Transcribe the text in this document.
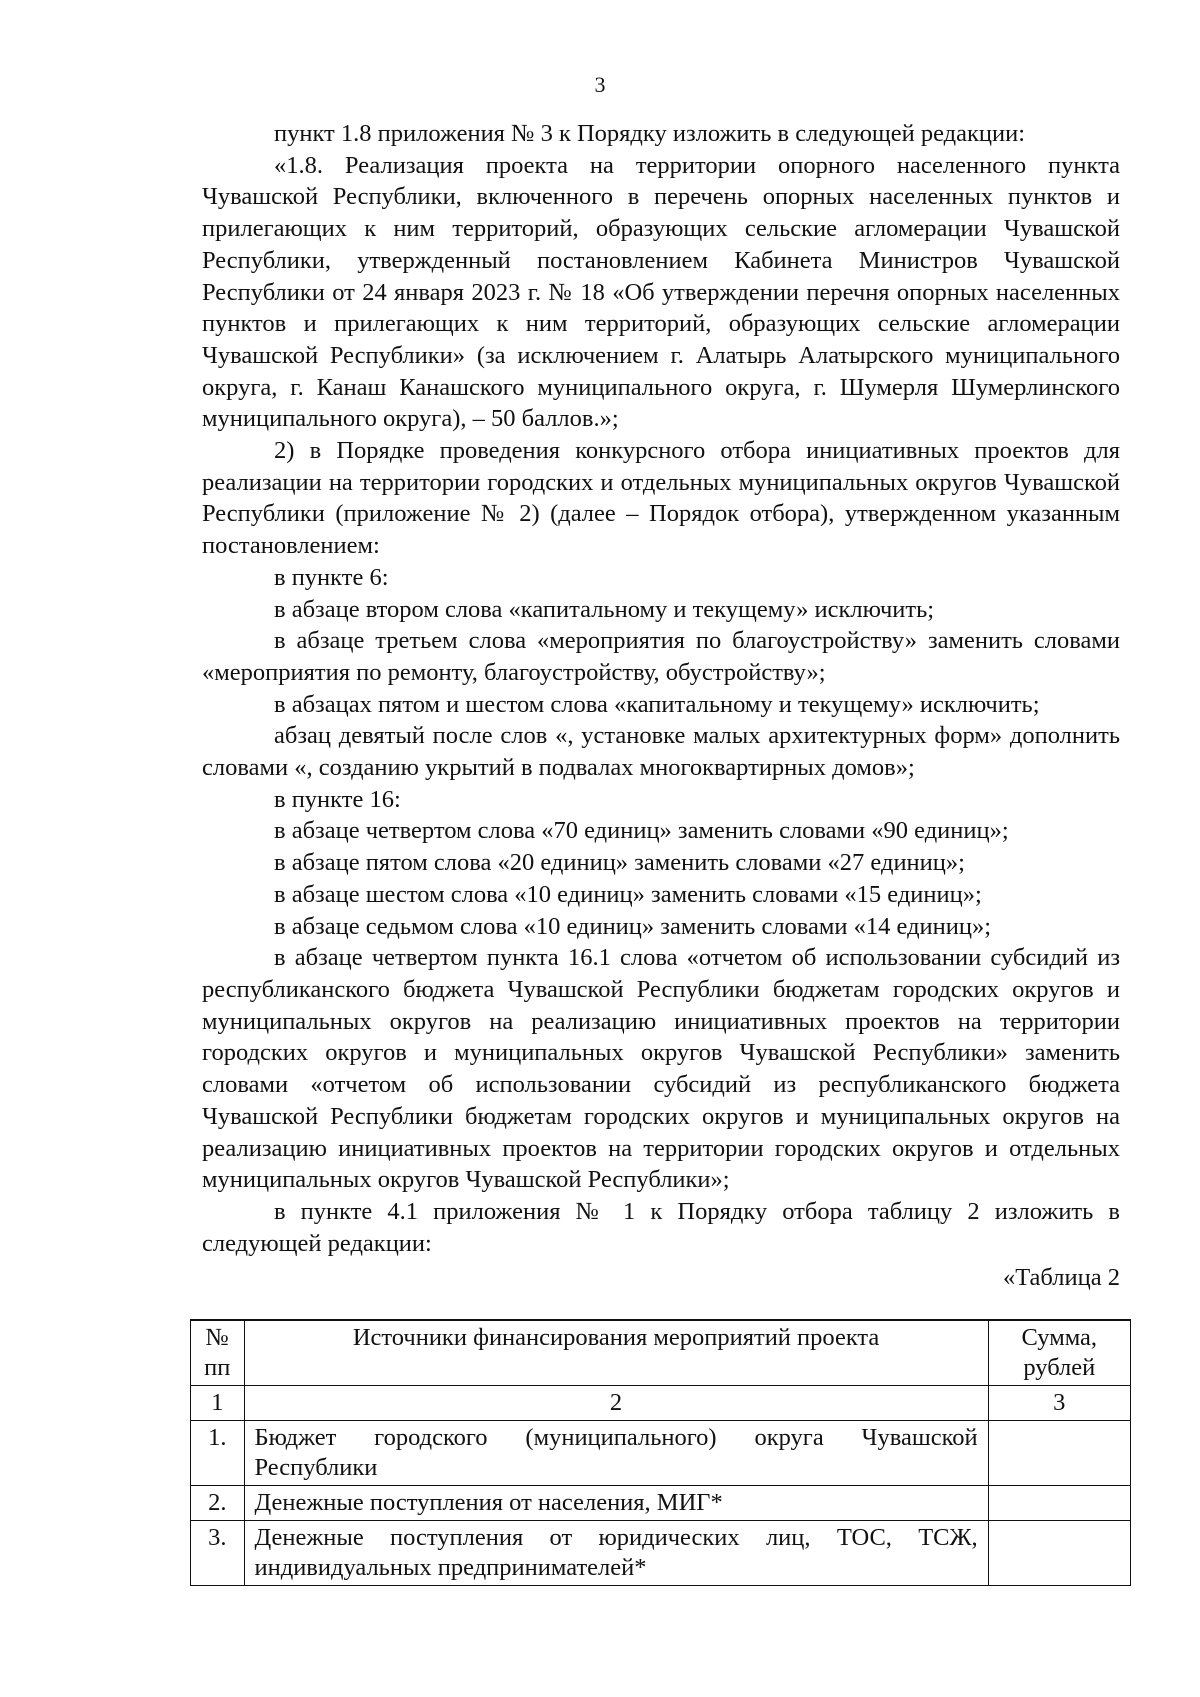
3

пункт 1.8 приложения № 3 к Порядку изложить в следующей редакции:

«1.8. Реализация проекта на территории опорного населенного пункта Чувашской Республики, включенного в перечень опорных населенных пунктов и прилегающих к ним территорий, образующих сельские агломерации Чувашской Республики, утвержденный постановлением Кабинета Министров Чувашской Республики от 24 января 2023 г. № 18 «Об утверждении перечня опорных населенных пунктов и прилегающих к ним территорий, образующих сельские агломерации Чувашской Республики» (за исключением г. Алатырь Алатырского муниципального округа, г. Канаш Канашского муниципального округа, г. Шумерля Шумерлинского муниципального округа), – 50 баллов.»;

2) в Порядке проведения конкурсного отбора инициативных проектов для реализации на территории городских и отдельных муниципальных округов Чувашской Республики (приложение № 2) (далее – Порядок отбора), утвержденном указанным постановлением:

в пункте 6:

в абзаце втором слова «капитальному и текущему» исключить;

в абзаце третьем слова «мероприятия по благоустройству» заменить словами «мероприятия по ремонту, благоустройству, обустройству»;

в абзацах пятом и шестом слова «капитальному и текущему» исключить;

абзац девятый после слов «, установке малых архитектурных форм» дополнить словами «, созданию укрытий в подвалах многоквартирных домов»;

в пункте 16:

в абзаце четвертом слова «70 единиц» заменить словами «90 единиц»;

в абзаце пятом слова «20 единиц» заменить словами «27 единиц»;

в абзаце шестом слова «10 единиц» заменить словами «15 единиц»;

в абзаце седьмом слова «10 единиц» заменить словами «14 единиц»;

в абзаце четвертом пункта 16.1 слова «отчетом об использовании субсидий из республиканского бюджета Чувашской Республики бюджетам городских округов и муниципальных округов на реализацию инициативных проектов на территории городских округов и муниципальных округов Чувашской Республики» заменить словами «отчетом об использовании субсидий из республиканского бюджета Чувашской Республики бюджетам городских округов и муниципальных округов на реализацию инициативных проектов на территории городских округов и отдельных муниципальных округов Чувашской Республики»;

в пункте 4.1 приложения № 1 к Порядку отбора таблицу 2 изложить в следующей редакции:

«Таблица 2
№
пп	Источники финансирования мероприятий проекта	Сумма,
рублей

1	2	3
1.	Бюджет городского (муниципального) округа Чувашской Республики	
2.	Денежные поступления от населения, МИГ*	
3.	Денежные поступления от юридических лиц, ТОС, ТСЖ, индивидуальных предпринимателей*	
